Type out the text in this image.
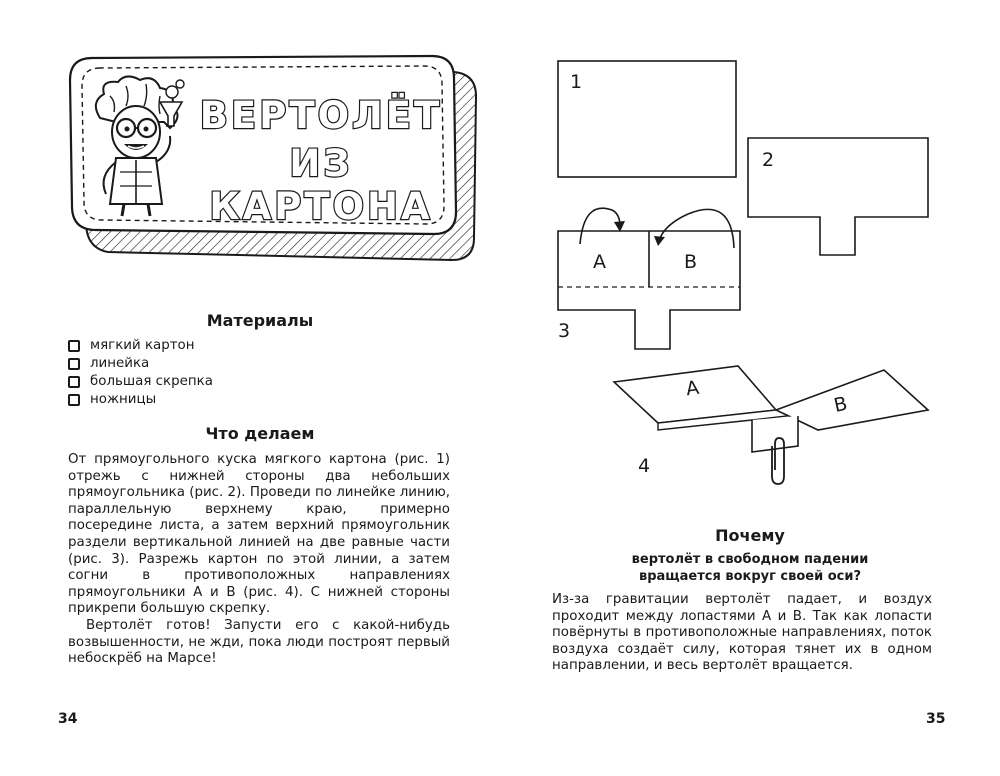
ВЕРТОЛЁТ
ИЗ КАРТОНА
Материалы
мягкий картон
линейка
большая скрепка
ножницы
Что делаем

От прямоугольного куска мягкого картона (рис. 1) отрежь с нижней стороны два небольших прямоугольника (рис. 2). Проведи по линейке линию, параллельную верхнему краю, примерно посередине листа, а затем верхний прямоугольник раздели вертикальной линией на две равные части (рис. 3). Разрежь картон по этой линии, а затем согни в противоположных направлениях прямоугольники А и В (рис. 4). С нижней стороны прикрепи большую скрепку.

Вертолёт готов! Запусти его с какой-нибудь возвышенности, не жди, пока люди построят первый небоскрёб на Марсе!

34
1
2
A	B
3
A
B
4
Почему
вертолёт в свободном падении
вращается вокруг своей оси?

Из-за гравитации вертолёт падает, и воздух проходит между лопастями А и В. Так как лопасти повёрнуты в противоположные направлениях, поток воздуха создаёт силу, которая тянет их в одном направлении, и весь вертолёт вращается.

35
